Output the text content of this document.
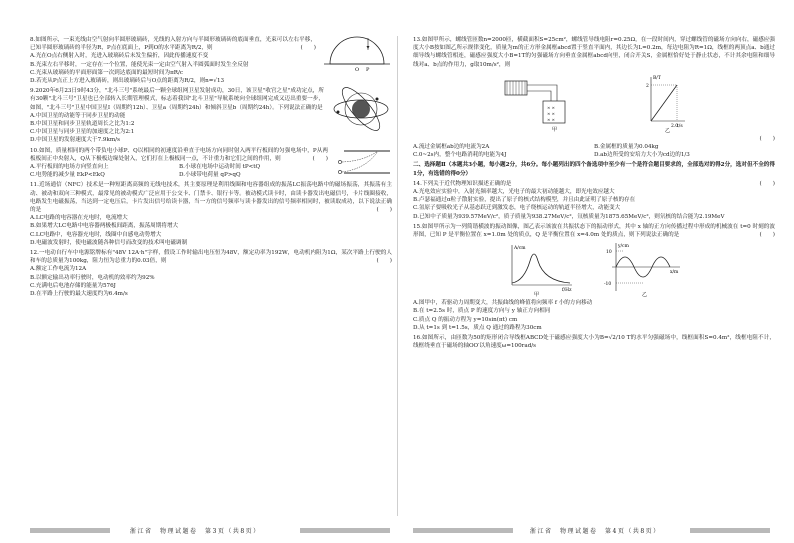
O P

8.如图所示，一束光线由空气射向半圆形玻璃砖，光线的入射方向与半圆形玻璃砖的底面垂直，光束可以左右平移，已知半圆形玻璃砖的半径为R，P点在底面上，P到O的水平距离为R/2，则	(　　)

A.光在O点右侧射入时，光进入玻璃砖后未发生偏折，因此传播速度不变

B.光束左右平移时，一定存在一个位置，能使光束一定由空气射入半圆弧面时发生全反射

C.光束从玻璃砖的平面形面第一次到达底面的最短时间为πR/c

D.若光从P点正上方进入玻璃砖，则出玻璃砖后与O点的距离为R/2，则n=√13

9.2020年6月23日9时43分，"北斗三号"系统最后一颗全球组网卫星发射成功，30日，该卫星"收官之星"成功定点，所有30颗"北斗三号"卫星也已全部转入长期管理模式，标志着我国"北斗卫星"导航系统向全球组网完成又迈出重要一步，如图，"北斗三号"卫星中国卫星I（周期约12h）、卫星a（周期约24h）和倾斜卫星b（周期约24h）。下列说法正确的是

A.中国卫星的动能等于同步卫星的动能

B.中国卫星和同步卫星轨道周长之比为1:2

C.中国卫星与同步卫星的加速度之比为2:1

D.中国卫星的发射速度大于7.9km/s

10.如图，质量相同的两个带负电小球P、Q以相同的初速度沿垂直于电场方向同时射入两平行板间的匀强电场中，P从两板板间正中央射入，Q从下极板边缘处射入，它们打在上极板同一点，不计重力和它们之间的作用，则	(　　)

A.平行板间的电场方向竖直向上	B.小球在电场中运动时间 tP<tQ

C.电势能的减少量 EkP<EkQ	D.小球带电荷量 qP>qQ

11.近场通信（NFC）技术是一种短距离高频的无线电技术，其主要原理是利用线圈和电容器组成的振荡LC振荡电路中的磁场振荡，其振荡有主动、被动和双向三种模式，最常见的被动模式广泛应用于公交卡、门禁卡、银行卡等。被动模式读卡时，由读卡器发出电磁信号，卡片线圈接收，电路发生电磁振荡，当达到一定电压后，卡片发出信号给读卡器，当一方的信号频率与读卡器发出的信号频率相同时，被读取成功，以下说法正确的是	(　　)

A.LC电路的电容器在充电时，电流增大

B.如果增大LC电路中电容器两极板间距离，振荡周期将增大

C.LC电路中，电容器充电时，线圈中自感电动势增大

D.电磁波发射时，使电磁波随各种信号而改变的技术叫电磁调制

12.一电动自行车中电源铭牌标有"48V 12A·h"字样，假设工作时输出电压恒为48V，额定功率为192W，电动机内阻为1Ω，某次平路上行驶的人和车的总质量为100kg，阻力恒为总重力的0.03倍，则	(　　)

A.额定工作电流为12A

B.以额定输出功率行驶时，电动机的效率约为92%

C.充满电后电池存储的能量为576J

D.在平路上行驶的最大速度约为6.4m/s

13.如图甲所示，螺线管匝数n=2000匝，横截面积S=25cm²，螺线管导线电阻r=0.25Ω，在一段时间内，穿过螺线管的磁场方向向右，磁感应强度大小B按如图乙所示规律变化，质量为m的正方形金属框abcd置于竖直平面内，其边长为L=0.2m，每边电阻为R=1Ω，线框的两顶点a、b通过细导线与螺线管相连，磁感应强度大小B=1T的匀强磁场方向垂直金属框abcd向里，闭合开关S，金属框恰好处于静止状态，不计其余电阻和细导线对a、b点的作用力，g取10m/s²，则

× ×
× ×
× ×
甲
B/T
t/s
2
2.0
乙

(　　)

A.流过金属框ab边的电流为2A	B.金属框的质量为0.04kg

C.0~2s内，整个电路消耗的电能为4J	D.ab边所受的安培力大小为cd边的1/3

二、选择题Ⅱ（本题共3小题，每小题2分，共6分。每小题列出的四个备选项中至少有一个是符合题目要求的，全部选对的得2分，选对但不全的得1分，有选错的得0分）

14.下列关于近代物理知识描述正确的是	(　　)

A.光电效应实验中，入射光频率越大，光电子的最大初动能越大，即光电效应越大

B.卢瑟福通过α粒子散射实验，提出了原子的核式结构模型，并且由此证明了原子核的存在

C.氢原子要吸收光子从基态跃迁到激发态，电子绕核运动的轨道半径增大，动能变大

D.已知中子质量为939.57MeV/c²，质子质量为938.27MeV/c²，氘核质量为1875.65MeV/c²，则氘核的结合能为2.19MeV

15.如图甲所示为一列简谐横波的振动图像，图乙表示该波在共振状态下的振动形式，其中 x 轴的正方向传播过程中形成的机械波在 t=0 时刻的波形图，已知 P 是平衡位置在 x=1.0m 处的质点，Q 是平衡位置在 x=4.0m 处的质点，则下列说法正确的是	(　　)

A/cm
f/Hz
甲
y/cm
x/m
10
-10
乙

A.图甲中，若驱动力周期变大，共振曲线的峰值将向频率 f 小的方向移动

B.在 t=2.5s 时，质点 P 的速度方向与 y 轴正方向相同

C.质点 Q 的振动方程为 y=10sin(πt) cm

D.从 t=1s 到 t=1.5s，质点 Q 通过的路程为30cm

16.如图所示，由匝数为50的矩形闭合导线框ABCD处于磁感应强度大小为B=√2/10 T的水平匀强磁场中，线框面积S=0.4m²，线框电阻不计，线框绕垂直于磁场的轴OO′以角速度ω=100rad/s

浙江省　物理试题卷　第3页（共8页）	浙江省　物理试题卷　第4页（共8页）
